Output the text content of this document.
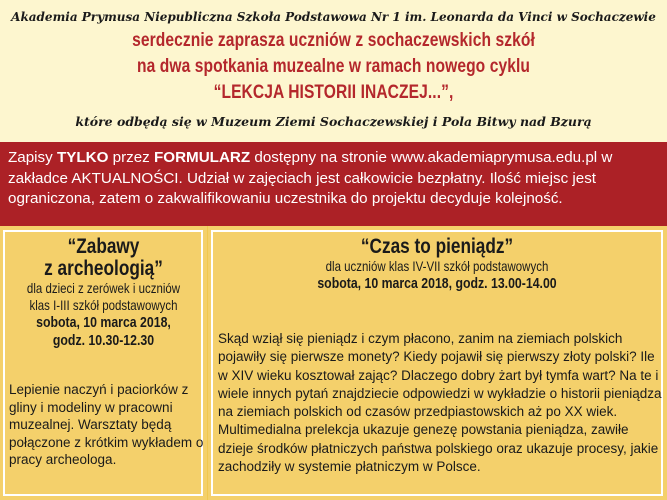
Akademia Prymusa Niepubliczna Szkoła Podstawowa Nr 1 im. Leonarda da Vinci w Sochaczewie
serdecznie zaprasza uczniów z sochaczewskich szkół
na dwa spotkania muzealne w ramach nowego cyklu
“LEKCJA HISTORII INACZEJ...”,
które odbędą się w Muzeum Ziemi Sochaczewskiej i Pola Bitwy nad Bzurą
Zapisy TYLKO przez FORMULARZ dostępny na stronie www.akademiaprymusa.edu.pl w zakładce AKTUALNOŚCI. Udział w zajęciach jest całkowicie bezpłatny. Ilość miejsc jest ograniczona, zatem o zakwalifikowaniu uczestnika do projektu decyduje kolejność.
“Zabawy
z archeologią”
dla dzieci z zerówek i uczniów
klas I-III szkół podstawowych
sobota, 10 marca 2018,
godz. 10.30-12.30
Lepienie naczyń i paciorków z gliny i modeliny w pracowni muzealnej. Warsztaty będą połączone z krótkim wykładem o pracy archeologa.
“Czas to pieniądz”
dla uczniów klas IV-VII szkół podstawowych
sobota, 10 marca 2018, godz. 13.00-14.00
Skąd wziął się pieniądz i czym płacono, zanim na ziemiach polskich pojawiły się pierwsze monety? Kiedy pojawił się pierwszy złoty polski? Ile w XIV wieku kosztował zając? Dlaczego dobry żart był tymfa wart? Na te i wiele innych pytań znajdziecie odpowiedzi w wykładzie o historii pieniądza na ziemiach polskich od czasów przedpiastowskich aż po XX wiek. Multimedialna prelekcja ukazuje genezę powstania pieniądza, zawiłe dzieje środków płatniczych państwa polskiego oraz ukazuje procesy, jakie zachodziły w systemie płatniczym w Polsce.
